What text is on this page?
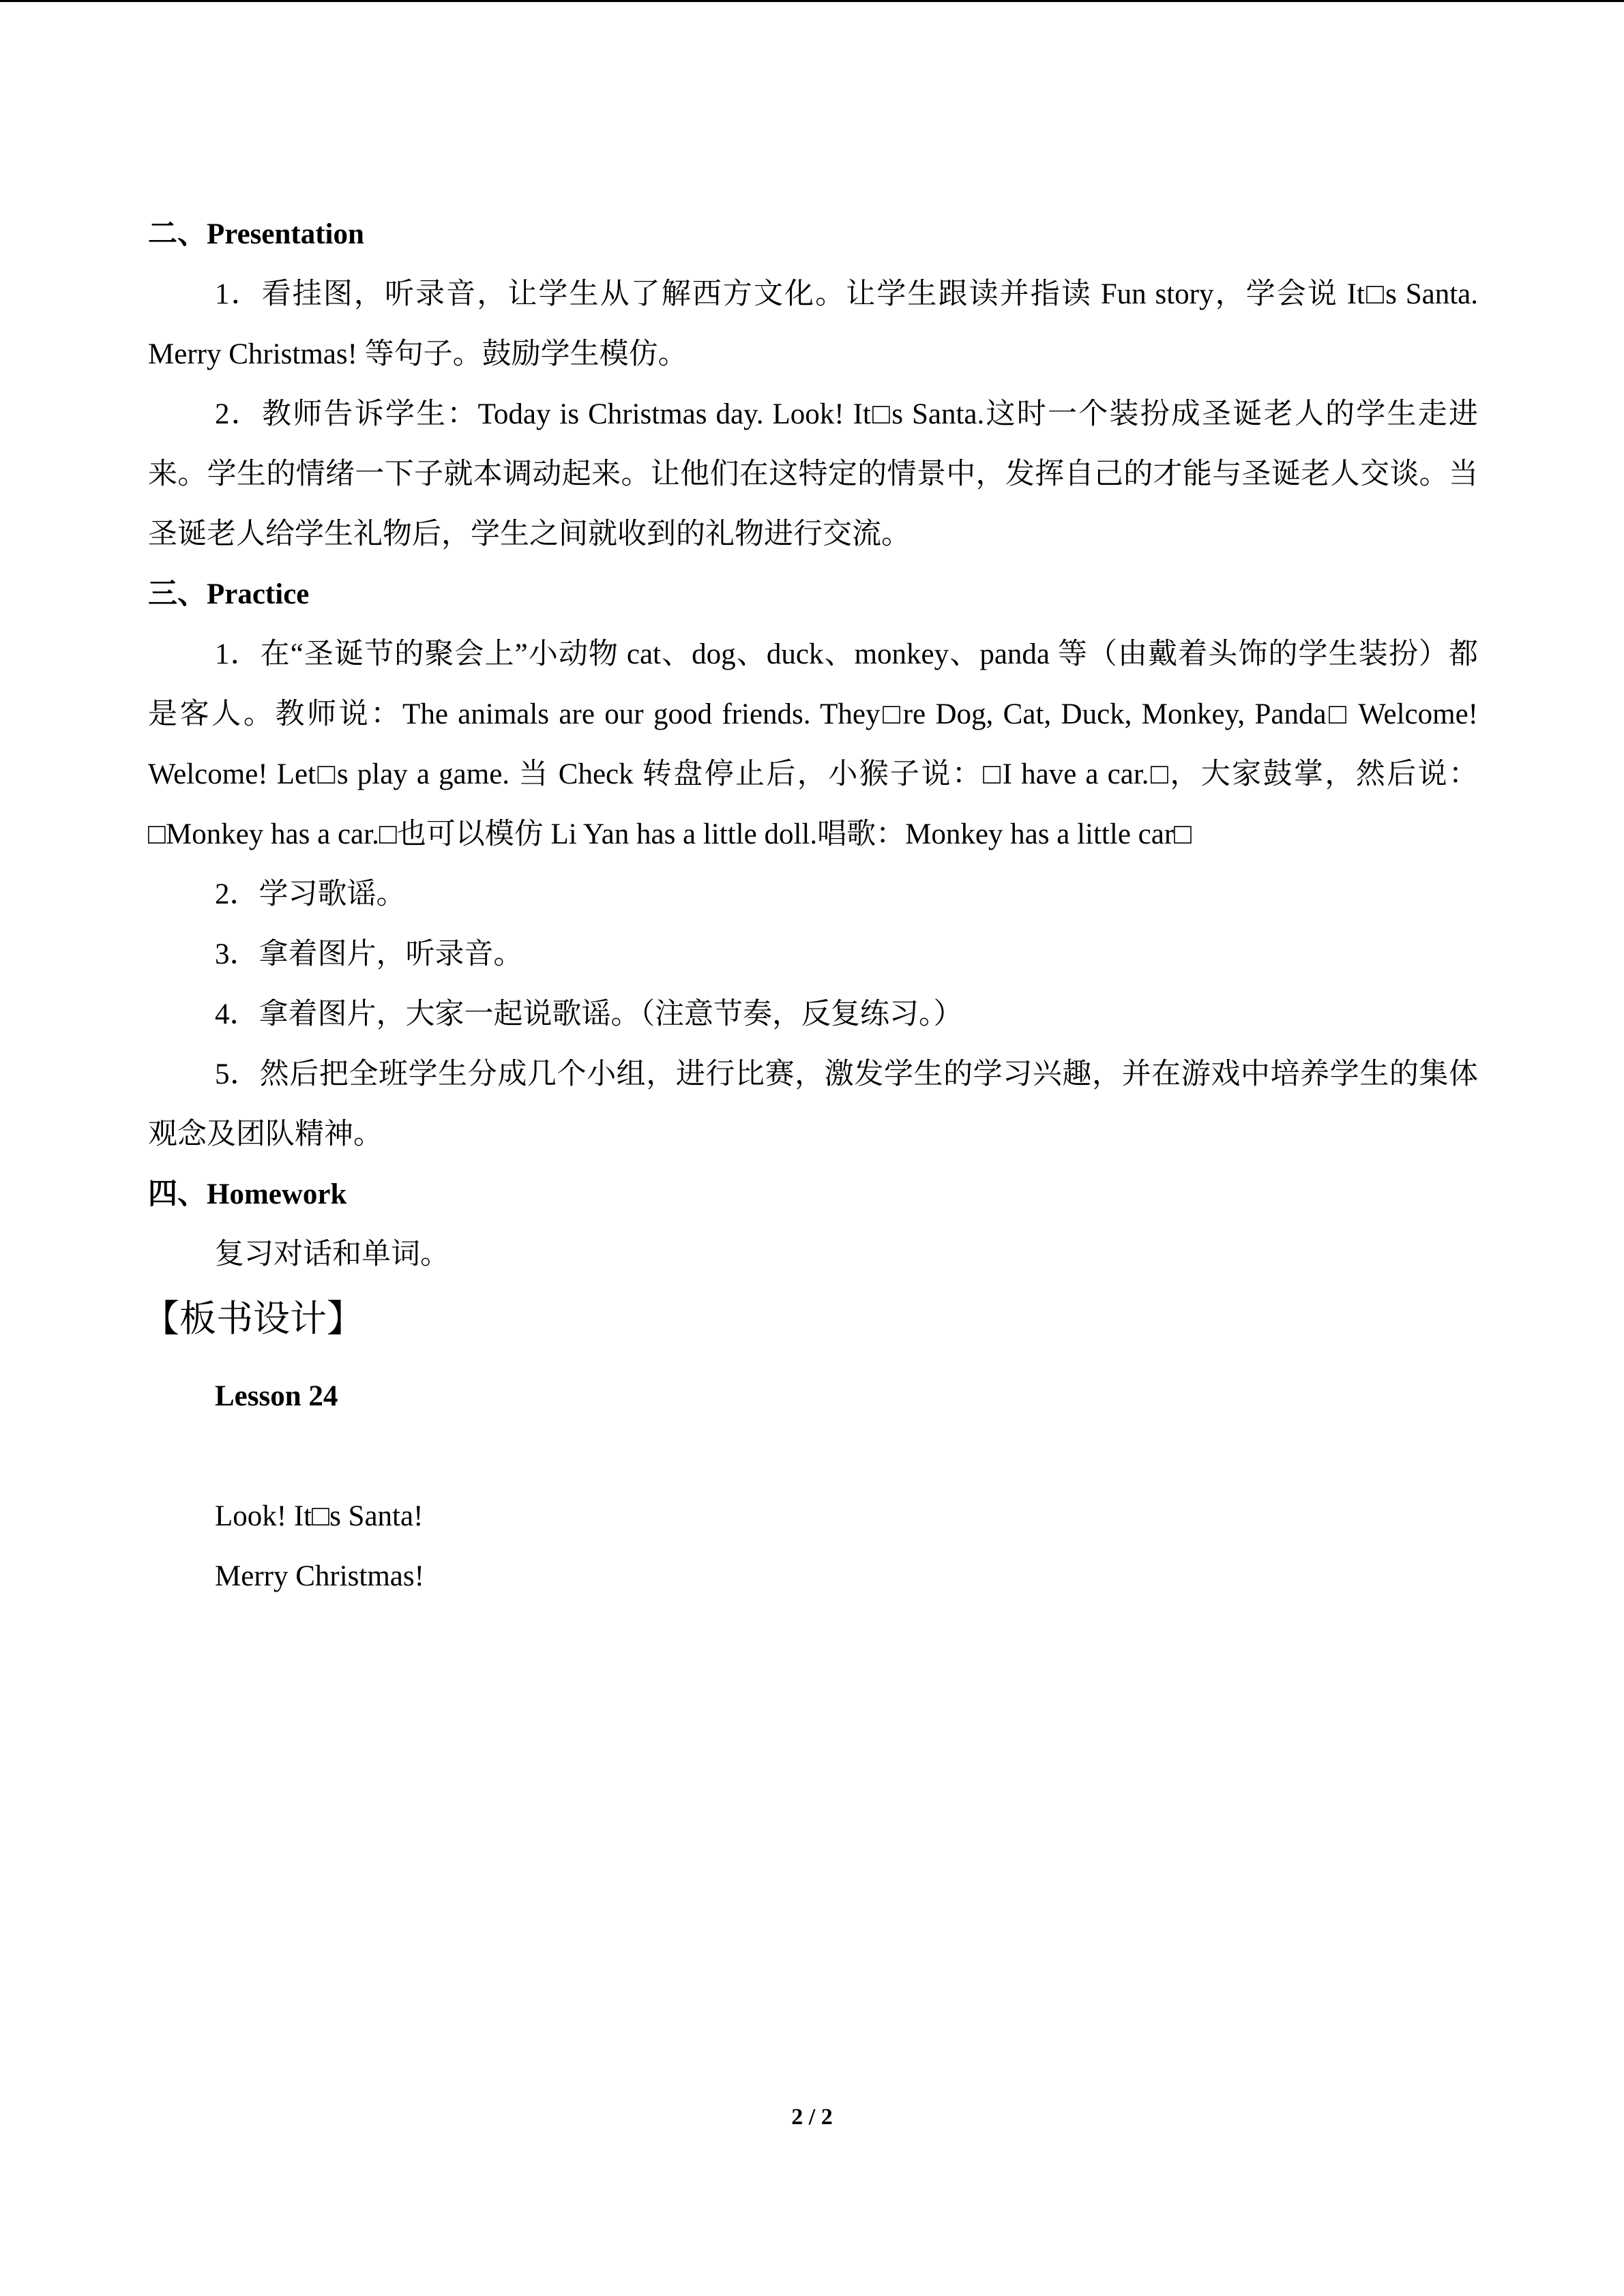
二、Presentation

1．看挂图，听录音，让学生从了解西方文化。让学生跟读并指读 Fun story，学会说 It□s Santa. Merry Christmas! 等句子。鼓励学生模仿。

2．教师告诉学生：Today is Christmas day. Look! It□s Santa.这时一个装扮成圣诞老人的学生走进来。学生的情绪一下子就本调动起来。让他们在这特定的情景中，发挥自己的才能与圣诞老人交谈。当圣诞老人给学生礼物后，学生之间就收到的礼物进行交流。

三、Practice

1．在“圣诞节的聚会上”小动物 cat、dog、duck、monkey、panda 等（由戴着头饰的学生装扮）都是客人。教师说：The animals are our good friends. They□re Dog, Cat, Duck, Monkey, Panda□ Welcome! Welcome! Let□s play a game. 当 Check 转盘停止后，小猴子说：□I have a car.□，大家鼓掌，然后说：□Monkey has a car.□也可以模仿 Li Yan has a little doll.唱歌：Monkey has a little car□

2．学习歌谣。

3．拿着图片，听录音。

4．拿着图片，大家一起说歌谣。（注意节奏，反复练习。）

5．然后把全班学生分成几个小组，进行比赛，激发学生的学习兴趣，并在游戏中培养学生的集体观念及团队精神。

四、Homework

复习对话和单词。

【板书设计】
Lesson 24
Look! It□s Santa!
Merry Christmas!
2 / 2
